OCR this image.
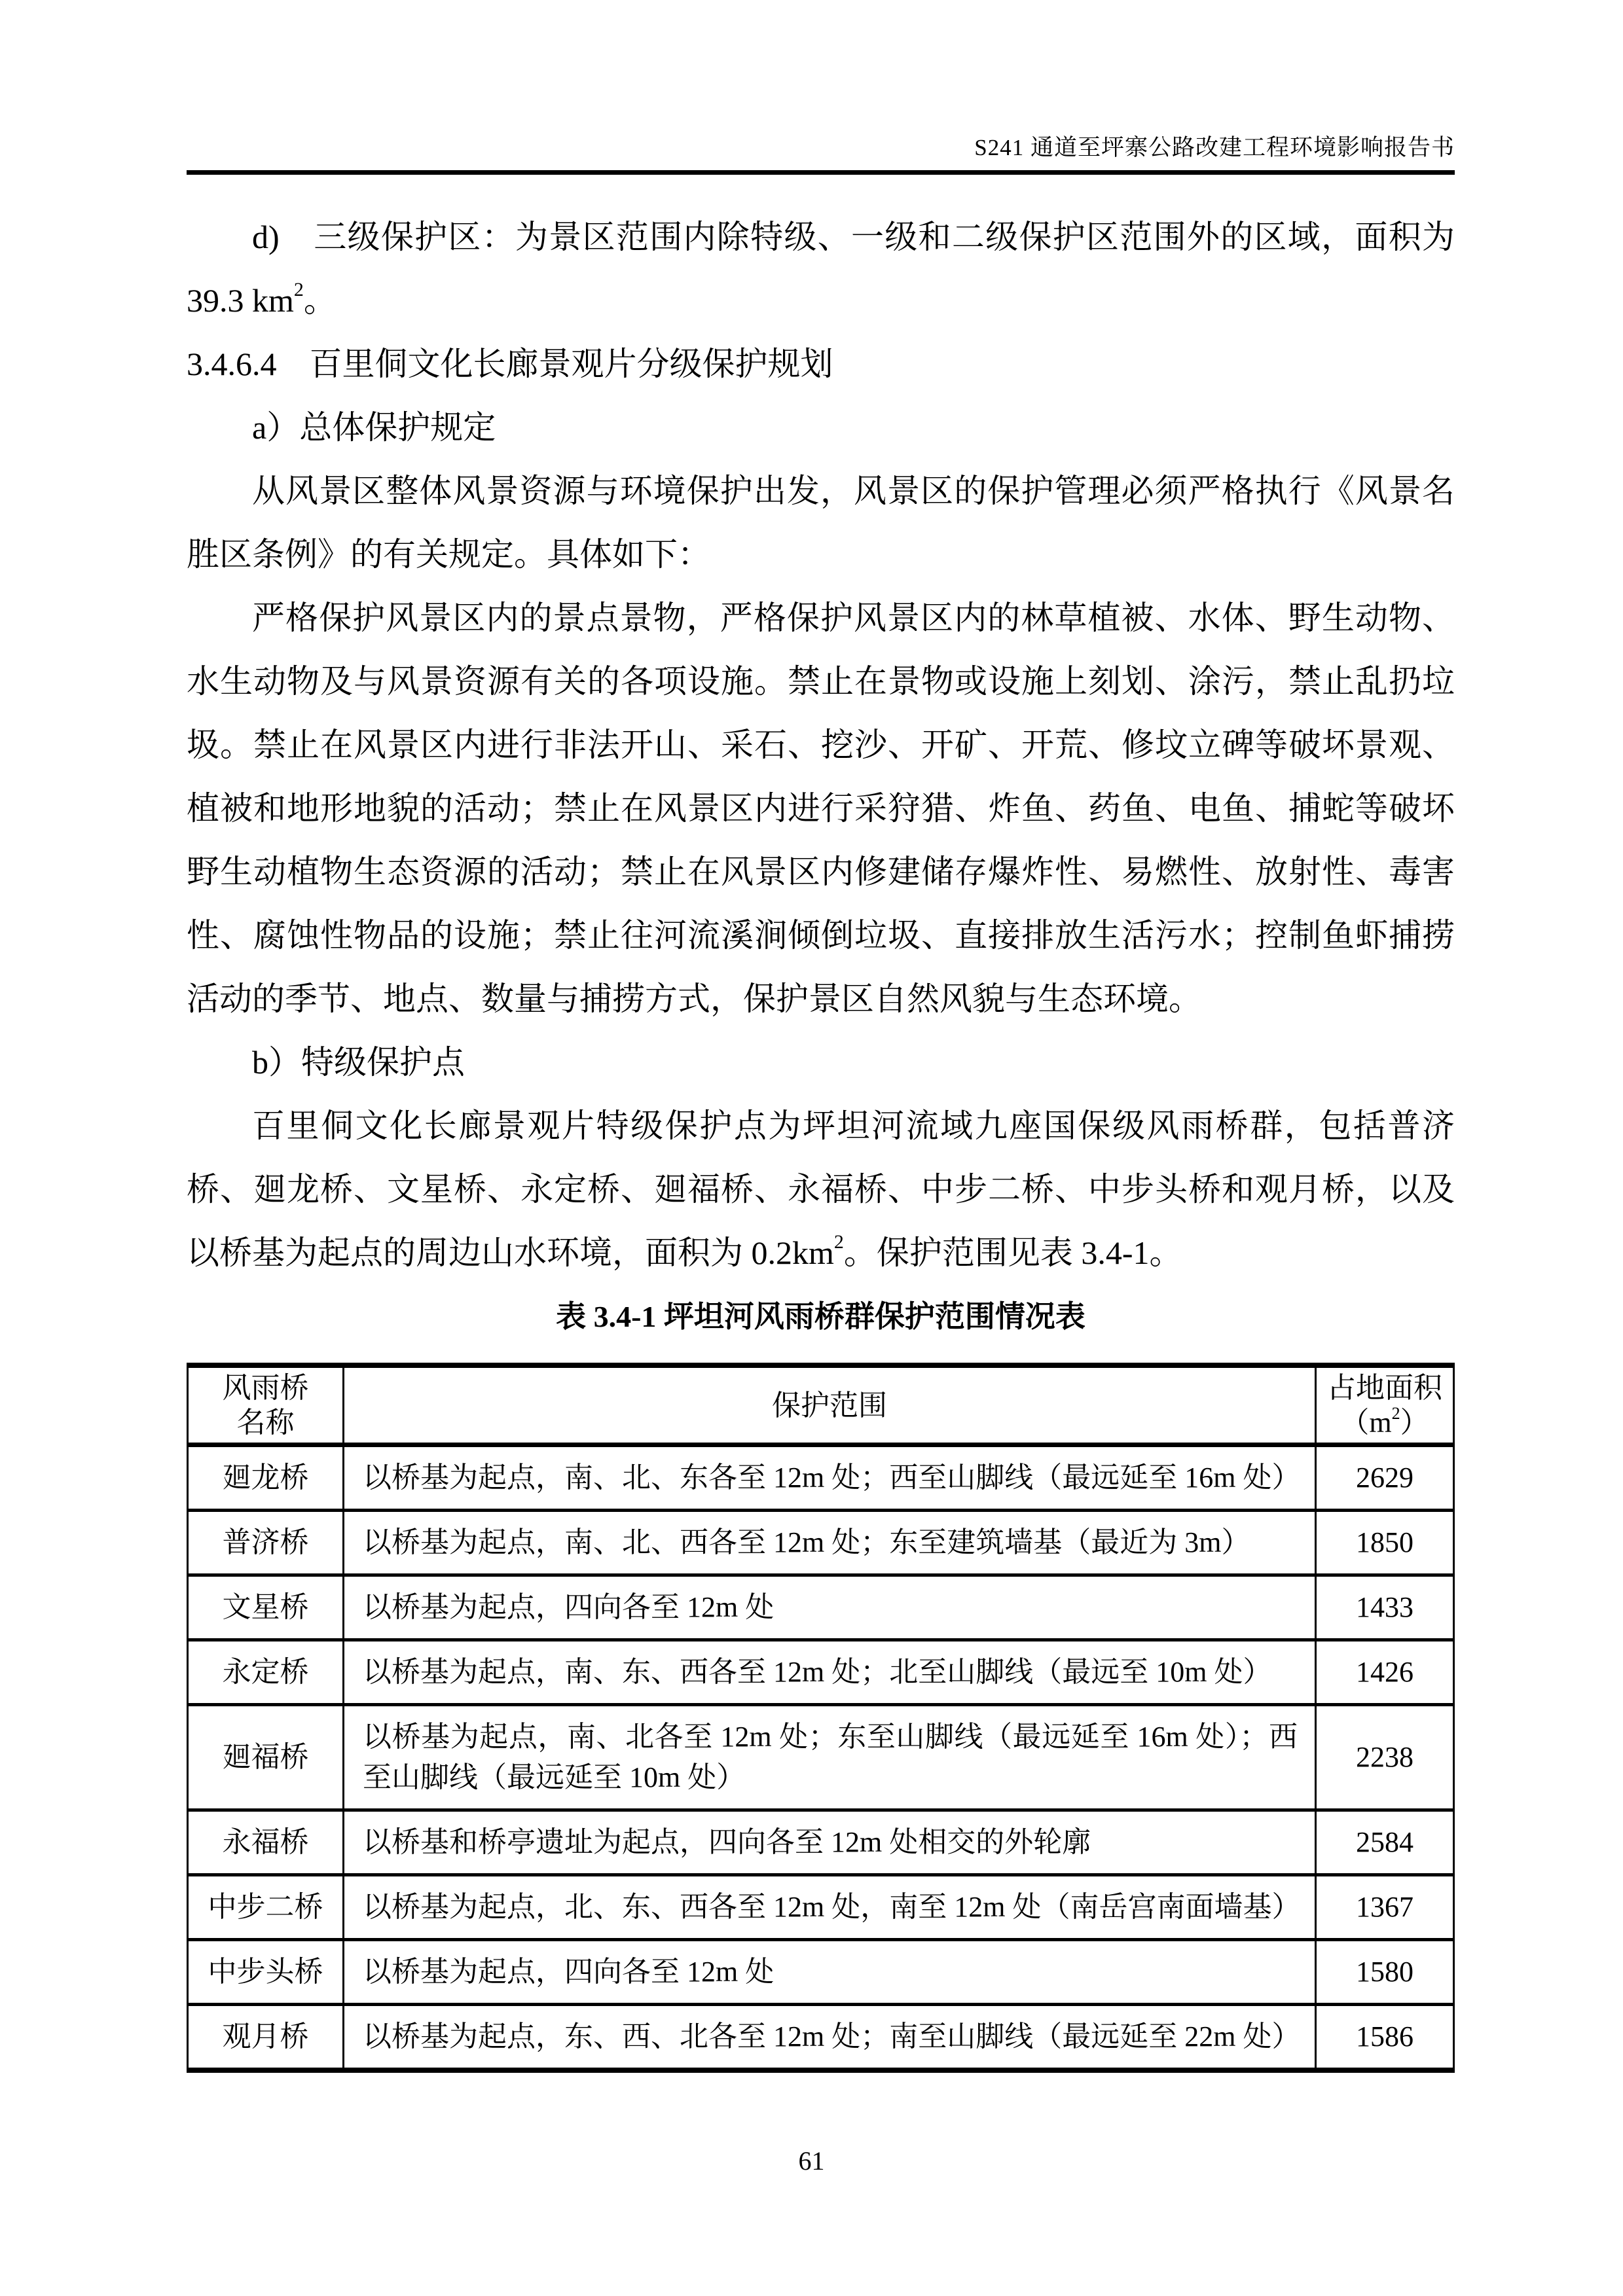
S241 通道至坪寨公路改建工程环境影响报告书
d)　三级保护区：为景区范围内除特级、一级和二级保护区范围外的区域，面积为
39.3 $km^2$。
3.4.6.4　百里侗文化长廊景观片分级保护规划
a）总体保护规定
从风景区整体风景资源与环境保护出发，风景区的保护管理必须严格执行《风景名
胜区条例》的有关规定。具体如下：
严格保护风景区内的景点景物，严格保护风景区内的林草植被、水体、野生动物、
水生动物及与风景资源有关的各项设施。禁止在景物或设施上刻划、涂污，禁止乱扔垃
圾。禁止在风景区内进行非法开山、采石、挖沙、开矿、开荒、修坟立碑等破坏景观、
植被和地形地貌的活动；禁止在风景区内进行采狩猎、炸鱼、药鱼、电鱼、捕蛇等破坏
野生动植物生态资源的活动；禁止在风景区内修建储存爆炸性、易燃性、放射性、毒害
性、腐蚀性物品的设施；禁止往河流溪涧倾倒垃圾、直接排放生活污水；控制鱼虾捕捞
活动的季节、地点、数量与捕捞方式，保护景区自然风貌与生态环境。
b）特级保护点
百里侗文化长廊景观片特级保护点为坪坦河流域九座国保级风雨桥群，包括普济
桥、廻龙桥、文星桥、永定桥、廻福桥、永福桥、中步二桥、中步头桥和观月桥，以及
以桥基为起点的周边山水环境，面积为 $0.2km^2$。保护范围见表 3.4-1。
表 3.4-1 坪坦河风雨桥群保护范围情况表
风雨桥
名称	保护范围	占地面积
$(m^2)$
廻龙桥	以桥基为起点，南、北、东各至 12m 处；西至山脚线（最远延至 16m 处）	2629
普济桥	以桥基为起点，南、北、西各至 12m 处；东至建筑墙基（最近为 3m）	1850
文星桥	以桥基为起点，四向各至 12m 处	1433
永定桥	以桥基为起点，南、东、西各至 12m 处；北至山脚线（最远至 10m 处）	1426
廻福桥	以桥基为起点，南、北各至 12m 处；东至山脚线（最远延至 16m 处）；西至山脚线（最远延至 10m 处）	2238
永福桥	以桥基和桥亭遗址为起点，四向各至 12m 处相交的外轮廓	2584
中步二桥	以桥基为起点，北、东、西各至 12m 处，南至 12m 处（南岳宫南面墙基）	1367
中步头桥	以桥基为起点，四向各至 12m 处	1580
观月桥	以桥基为起点，东、西、北各至 12m 处；南至山脚线（最远延至 22m 处）	1586
61
